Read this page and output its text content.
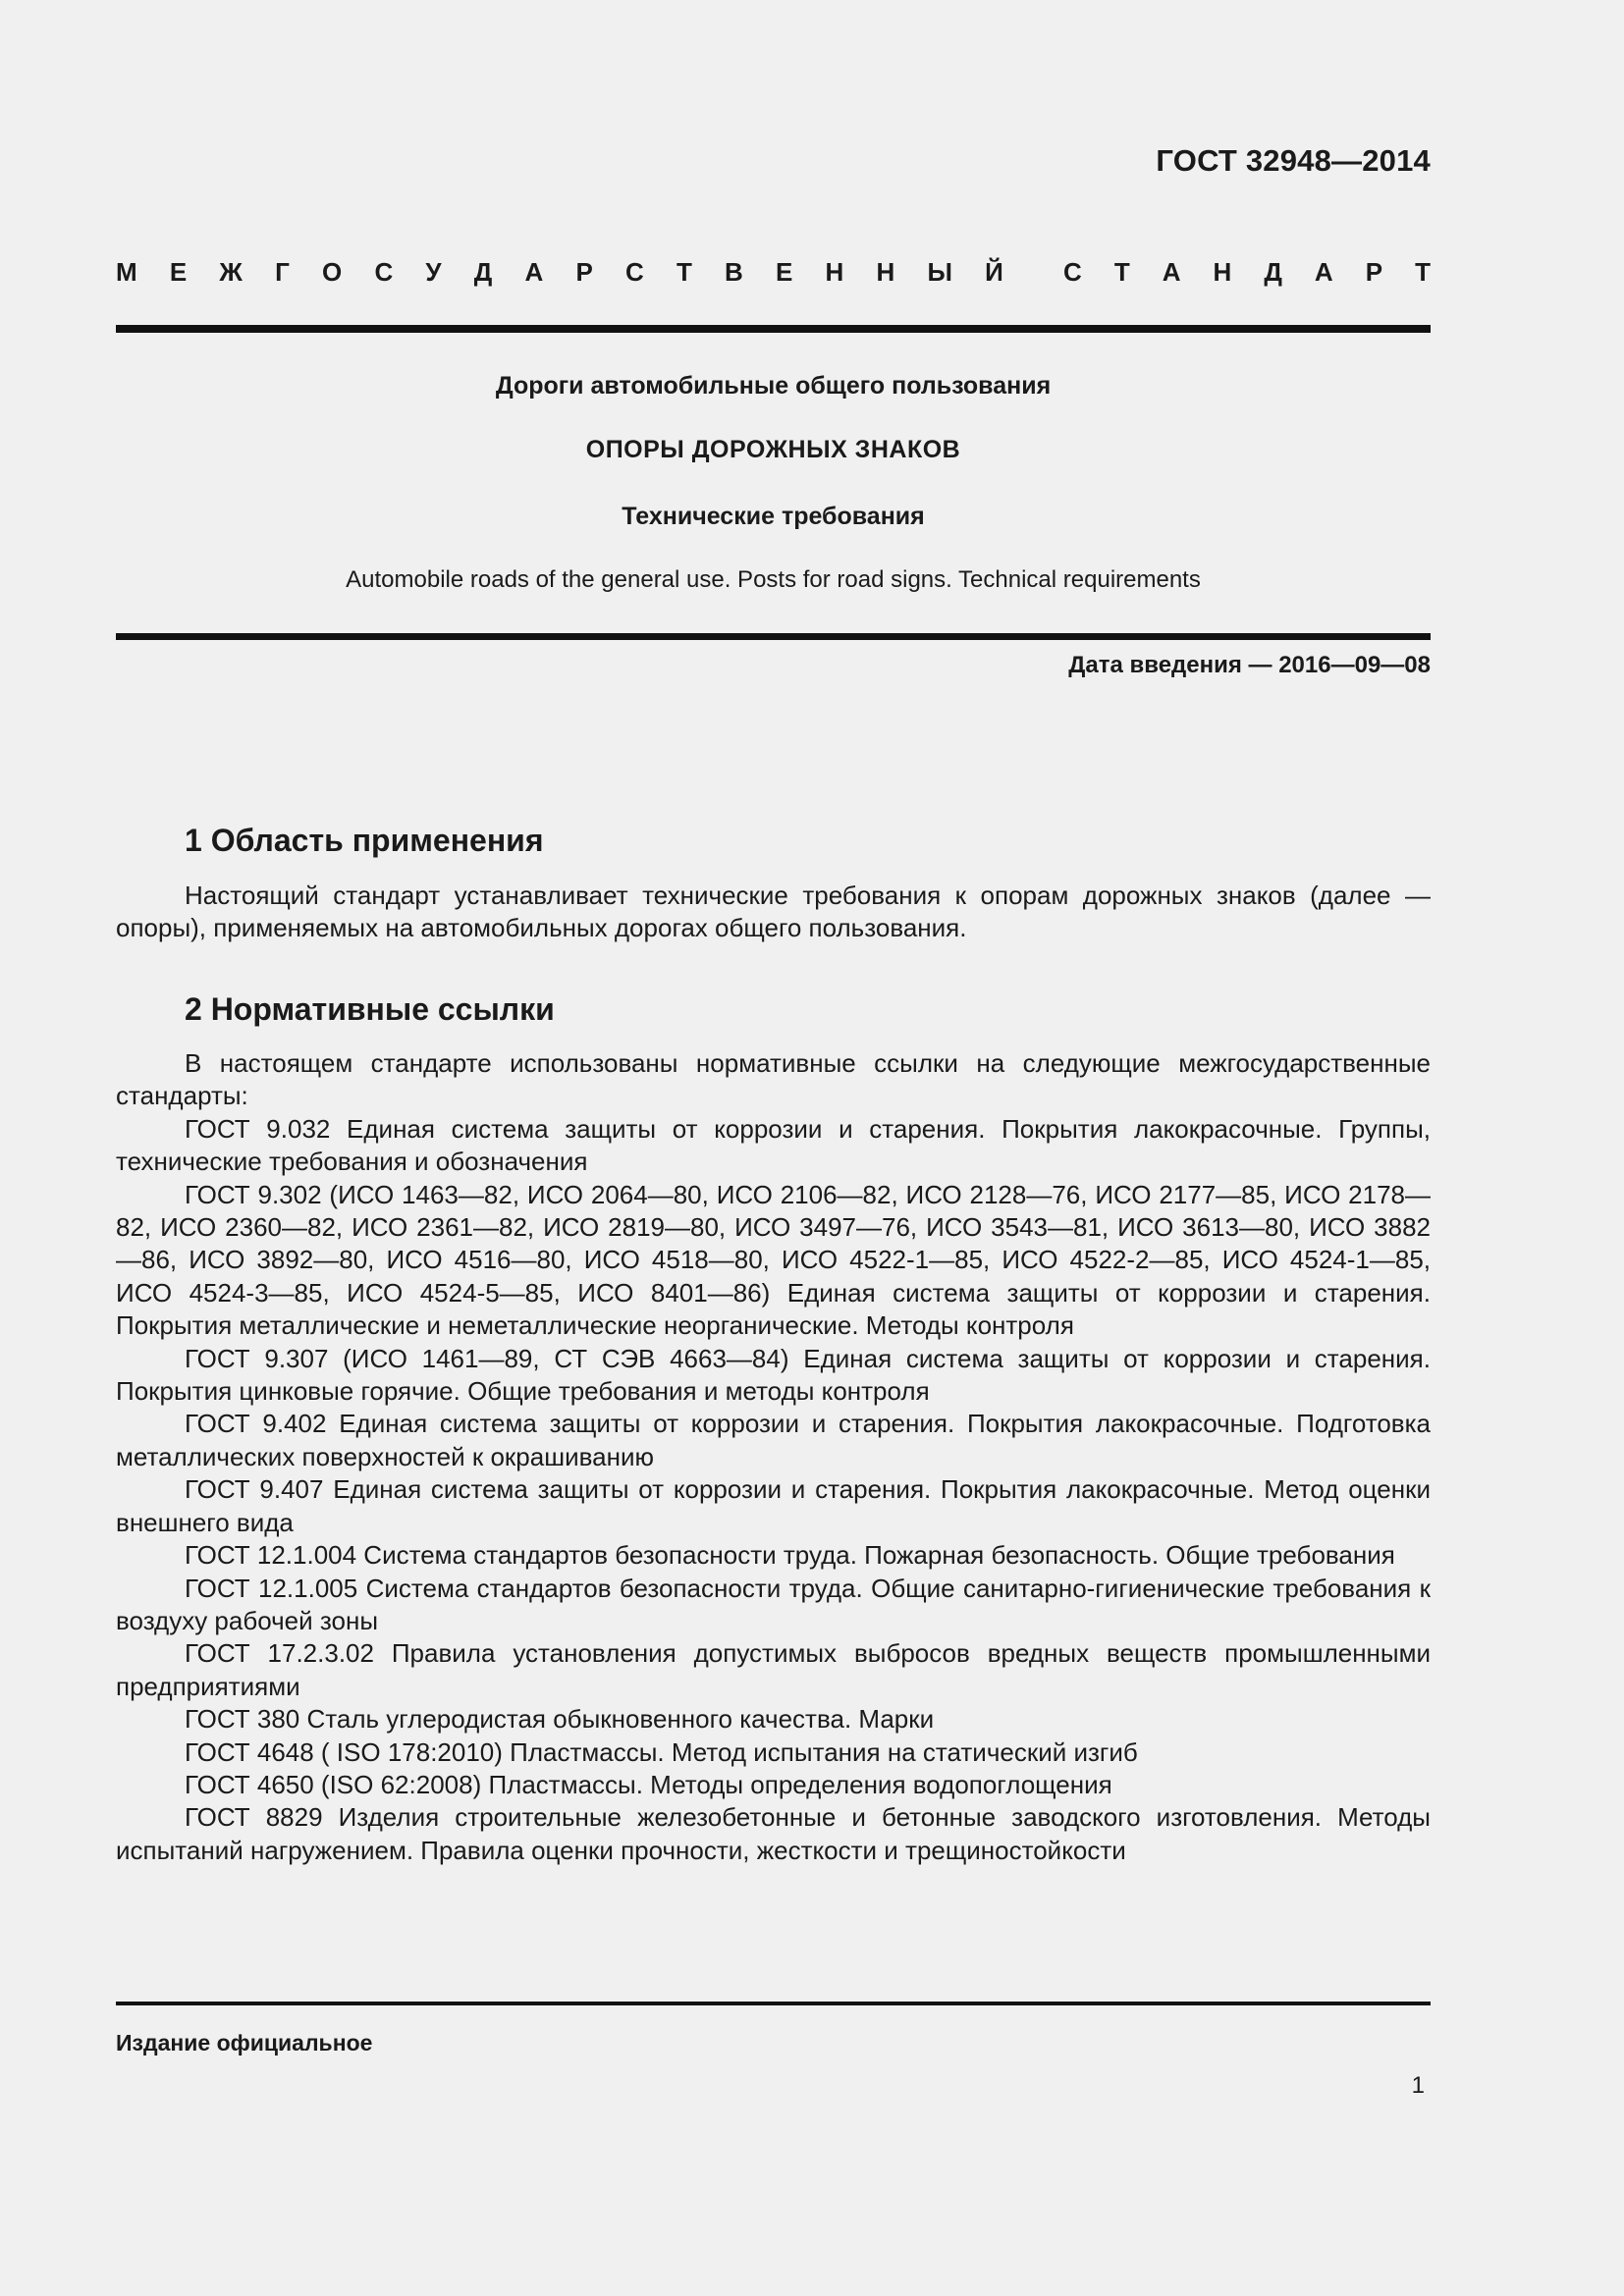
ГОСТ 32948—2014
М Е Ж Г О С У Д А Р С Т В Е Н Н Ы Й С Т А Н Д А Р Т
Дороги автомобильные общего пользования
ОПОРЫ ДОРОЖНЫХ ЗНАКОВ
Технические требования
Automobile roads of the general use. Posts for road signs. Technical requirements
Дата введения — 2016—09—08
1 Область применения

Настоящий стандарт устанавливает технические требования к опорам дорожных знаков (далее — опоры), применяемых на автомобильных дорогах общего пользования.

2 Нормативные ссылки

В настоящем стандарте использованы нормативные ссылки на следующие межгосударственные стандарты:

ГОСТ 9.032 Единая система защиты от коррозии и старения. Покрытия лакокрасочные. Группы, технические требования и обозначения

ГОСТ 9.302 (ИСО 1463—82, ИСО 2064—80, ИСО 2106—82, ИСО 2128—76, ИСО 2177—85, ИСО 2178—82, ИСО 2360—82, ИСО 2361—82, ИСО 2819—80, ИСО 3497—76, ИСО 3543—81, ИСО 3613—80, ИСО 3882—86, ИСО 3892—80, ИСО 4516—80, ИСО 4518—80, ИСО 4522-1—85, ИСО 4522-2—85, ИСО 4524-1—85, ИСО 4524-3—85, ИСО 4524-5—85, ИСО 8401—86) Единая система защиты от коррозии и старения. Покрытия металлические и неметаллические неорганические. Методы контроля

ГОСТ 9.307 (ИСО 1461—89, СТ СЭВ 4663—84) Единая система защиты от коррозии и старения. Покрытия цинковые горячие. Общие требования и методы контроля

ГОСТ 9.402 Единая система защиты от коррозии и старения. Покрытия лакокрасочные. Подготовка металлических поверхностей к окрашиванию

ГОСТ 9.407 Единая система защиты от коррозии и старения. Покрытия лакокрасочные. Метод оценки внешнего вида

ГОСТ 12.1.004 Система стандартов безопасности труда. Пожарная безопасность. Общие требования

ГОСТ 12.1.005 Система стандартов безопасности труда. Общие санитарно-гигиенические требования к воздуху рабочей зоны

ГОСТ 17.2.3.02 Правила установления допустимых выбросов вредных веществ промышленными предприятиями

ГОСТ 380 Сталь углеродистая обыкновенного качества. Марки

ГОСТ 4648 ( ISO 178:2010) Пластмассы. Метод испытания на статический изгиб

ГОСТ 4650 (ISO 62:2008) Пластмассы. Методы определения водопоглощения

ГОСТ 8829 Изделия строительные железобетонные и бетонные заводского изготовления. Методы испытаний нагружением. Правила оценки прочности, жесткости и трещиностойкости

Издание официальное
1
